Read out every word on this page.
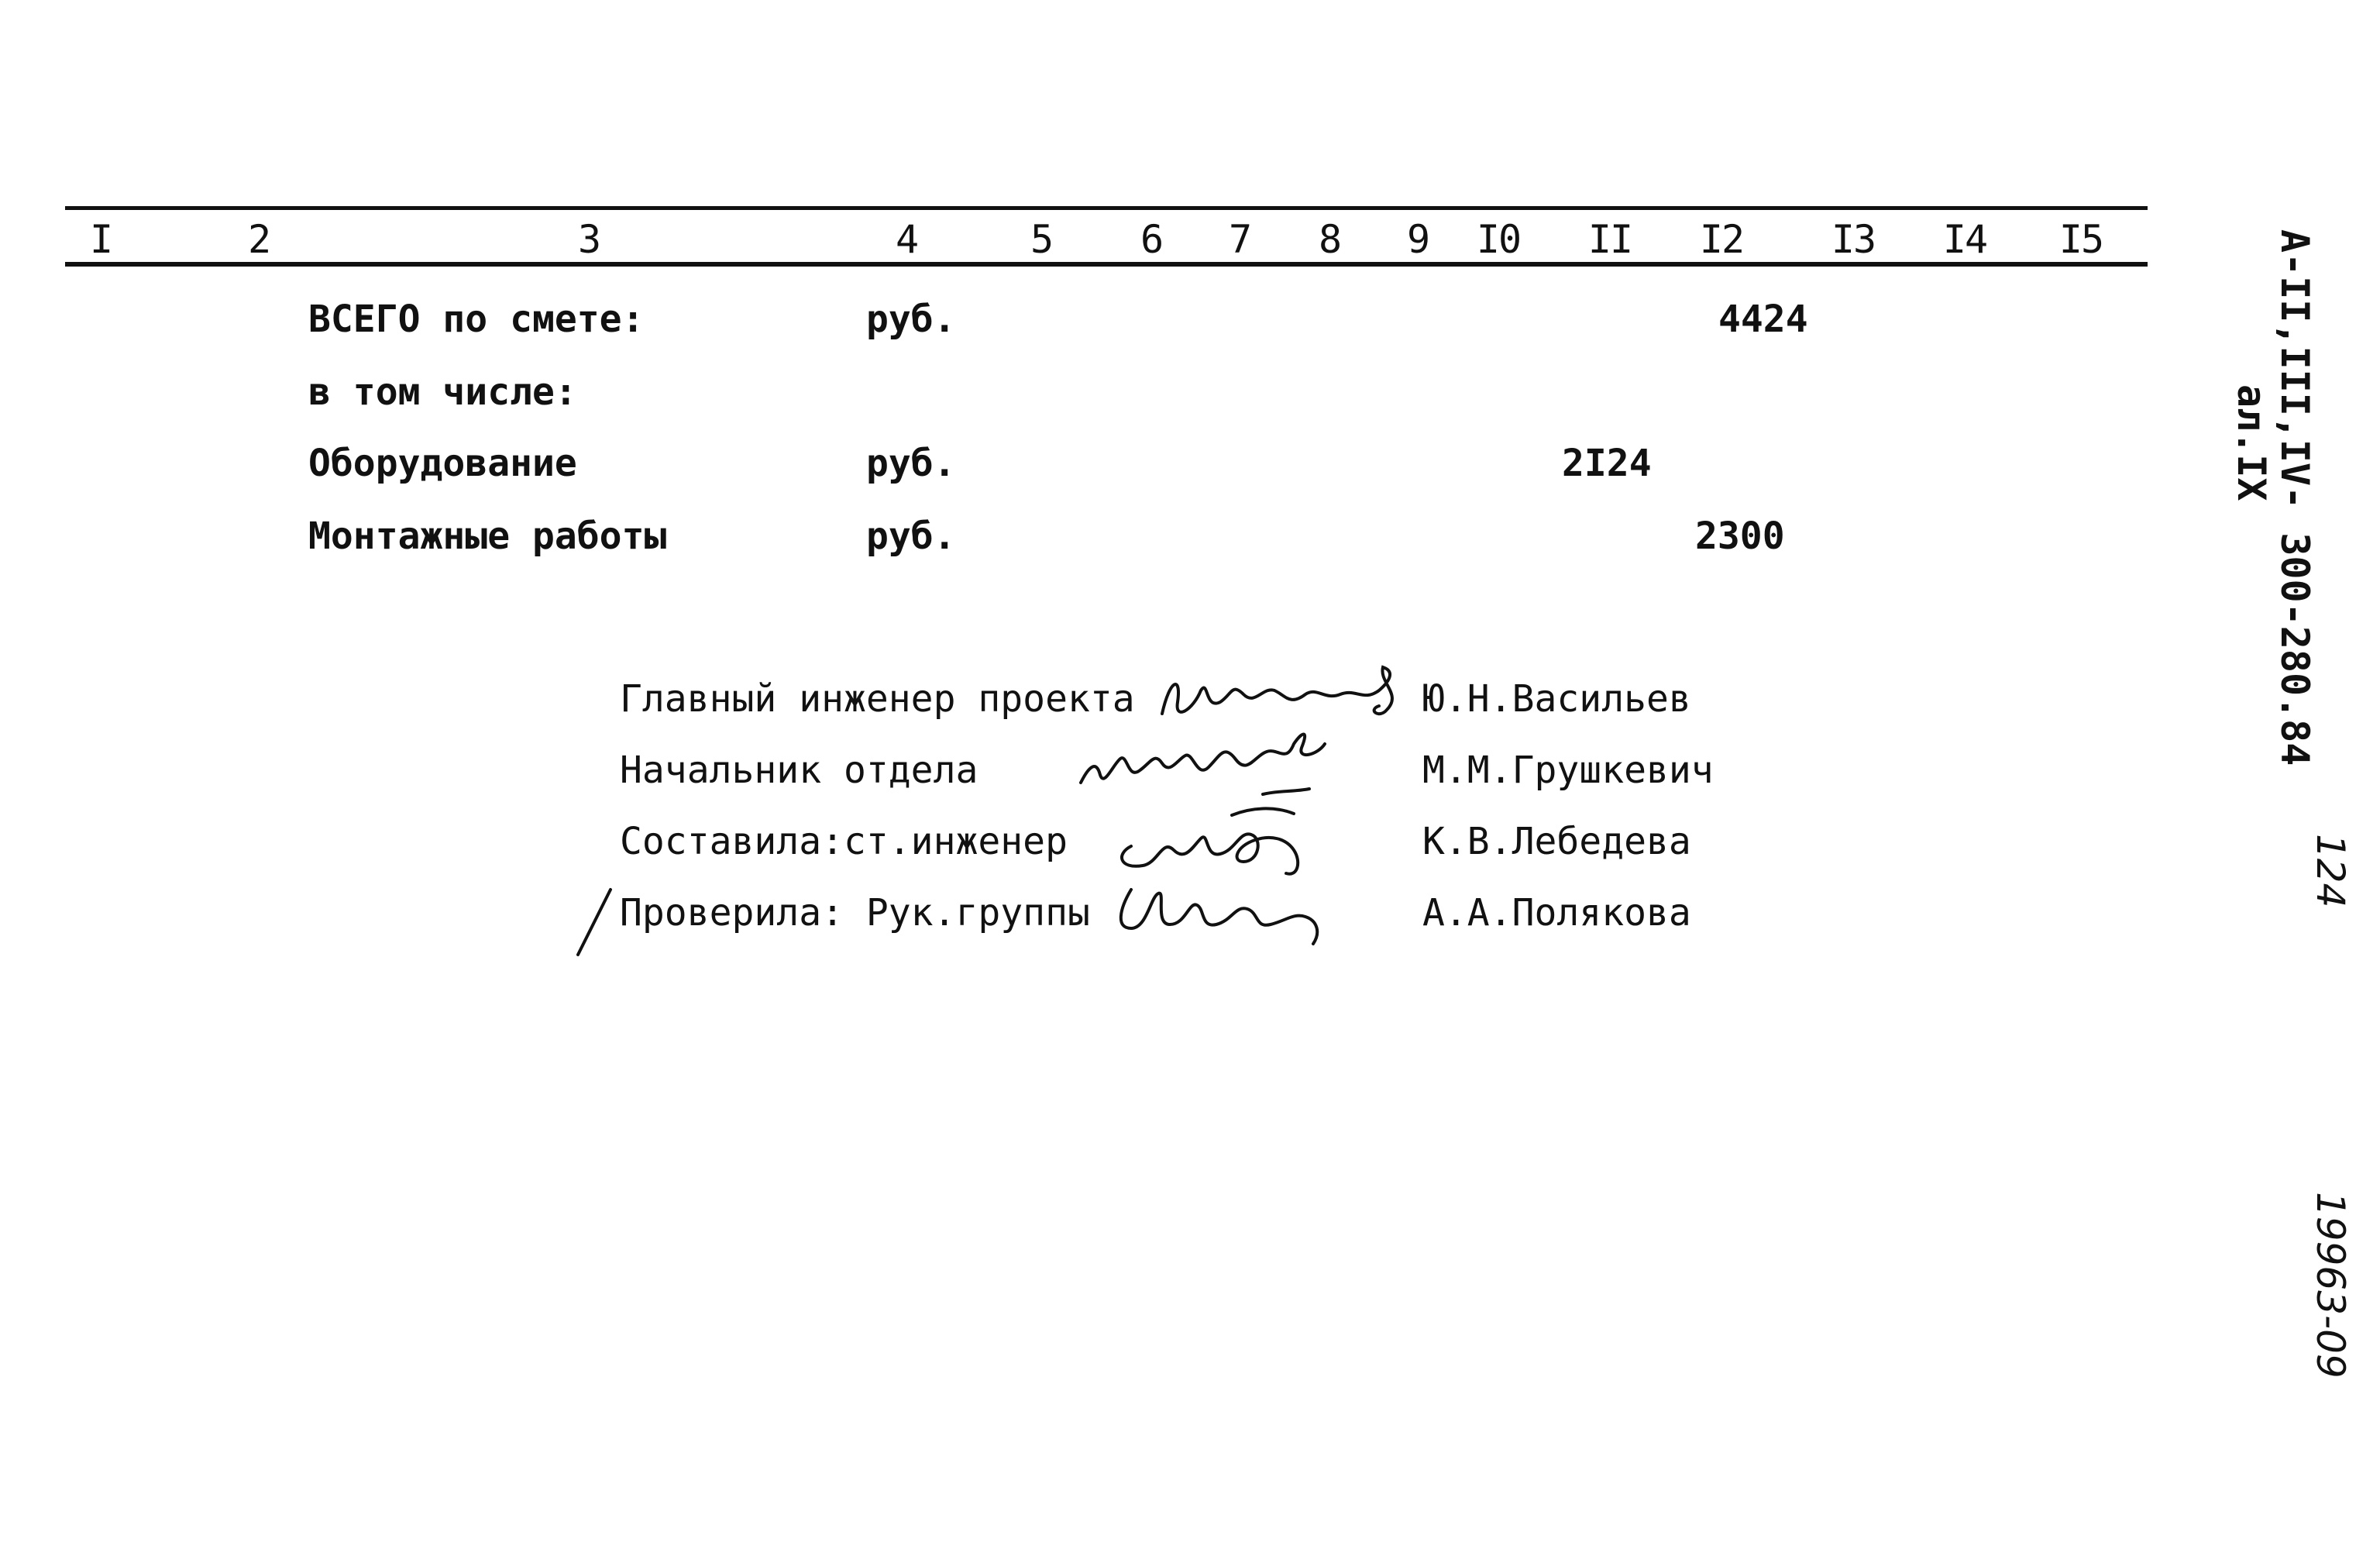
I	2	3	4	5 6 7 8 9 I0 II I2 I3 I4 I5
ВСЕГО по смете:	руб.	4424
в том числе:
Оборудование	руб.	2I24
Монтажные работы	руб.	2300
Главный инженер проекта	Ю.Н.Васильев
Начальник отдела	М.М.Грушкевич
Составила:ст.инженер	К.В.Лебедева
Проверила: Рук.группы	А.А.Полякова
А-II,III,IV- 300-280.84
ал.IX
124
19963-09
